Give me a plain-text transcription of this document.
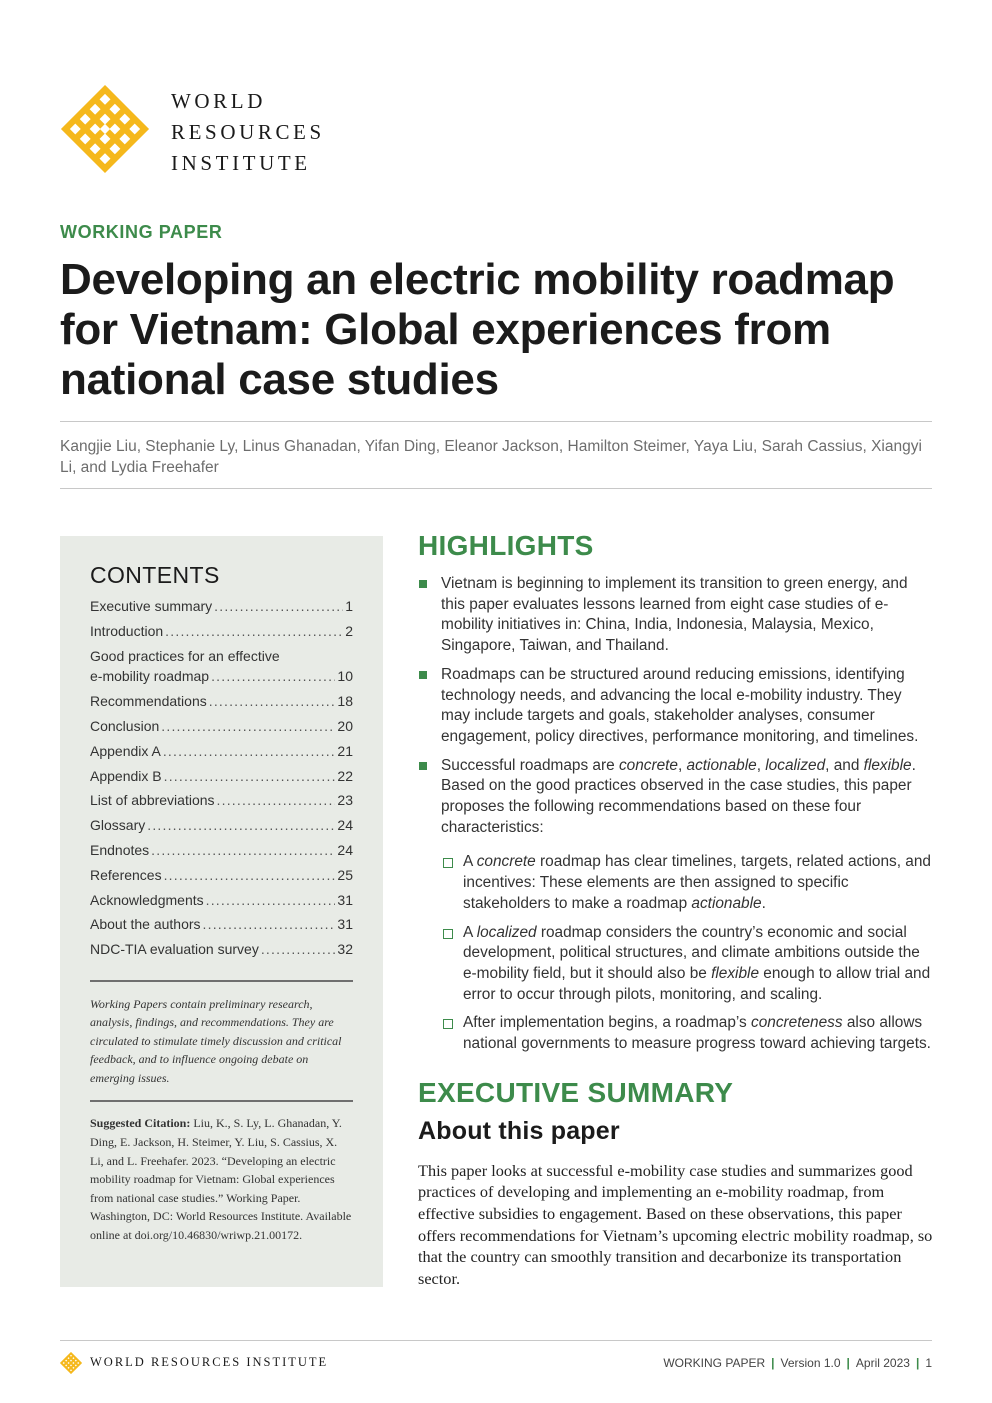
WORLD
RESOURCES
INSTITUTE
WORKING PAPER
Developing an electric mobility roadmap for Vietnam: Global experiences from national case studies
Kangjie Liu, Stephanie Ly, Linus Ghanadan, Yifan Ding, Eleanor Jackson, Hamilton Steimer, Yaya Liu, Sarah Cassius, Xiangyi Li, and Lydia Freehafer
CONTENTS
Executive summary .....	1
Introduction .....	2
Good practices for an effective
e-mobility roadmap .....	10
Recommendations .....	18
Conclusion .....	20
Appendix A .....	21
Appendix B .....	22
List of abbreviations .....	23
Glossary .....	24
Endnotes .....	24
References .....	25
Acknowledgments .....	31
About the authors .....	31
NDC-TIA evaluation survey .....	32

Working Papers contain preliminary research, analysis, findings, and recommendations. They are circulated to stimulate timely discussion and critical feedback, and to influence ongoing debate on emerging issues.

Suggested Citation: Liu, K., S. Ly, L. Ghanadan, Y. Ding, E. Jackson, H. Steimer, Y. Liu, S. Cassius, X. Li, and L. Freehafer. 2023. “Developing an electric mobility roadmap for Vietnam: Global experiences from national case studies.” Working Paper. Washington, DC: World Resources Institute. Available online at doi.org/10.46830/wriwp.21.00172.

HIGHLIGHTS
Vietnam is beginning to implement its transition to green energy, and this paper evaluates lessons learned from eight case studies of e-mobility initiatives in: China, India, Indonesia, Malaysia, Mexico, Singapore, Taiwan, and Thailand.
Roadmaps can be structured around reducing emissions, identifying technology needs, and advancing the local e-mobility industry. They may include targets and goals, stakeholder analyses, consumer engagement, policy directives, performance monitoring, and timelines.
Successful roadmaps are concrete, actionable, localized, and flexible. Based on the good practices observed in the case studies, this paper proposes the following recommendations based on these four characteristics:
A concrete roadmap has clear timelines, targets, related actions, and incentives: These elements are then assigned to specific stakeholders to make a roadmap actionable.
A localized roadmap considers the country’s economic and social development, political structures, and climate ambitions outside the e-mobility field, but it should also be flexible enough to allow trial and error to occur through pilots, monitoring, and scaling.
After implementation begins, a roadmap’s concreteness also allows national governments to measure progress toward achieving targets.
EXECUTIVE SUMMARY
About this paper

This paper looks at successful e-mobility case studies and summarizes good practices of developing and implementing an e-mobility roadmap, from effective subsidies to engagement. Based on these observations, this paper offers recommendations for Vietnam’s upcoming electric mobility roadmap, so that the country can smoothly transition and decarbonize its transportation sector.

WORLD RESOURCES INSTITUTE	WORKING PAPER | Version 1.0 | April 2023 | 1
